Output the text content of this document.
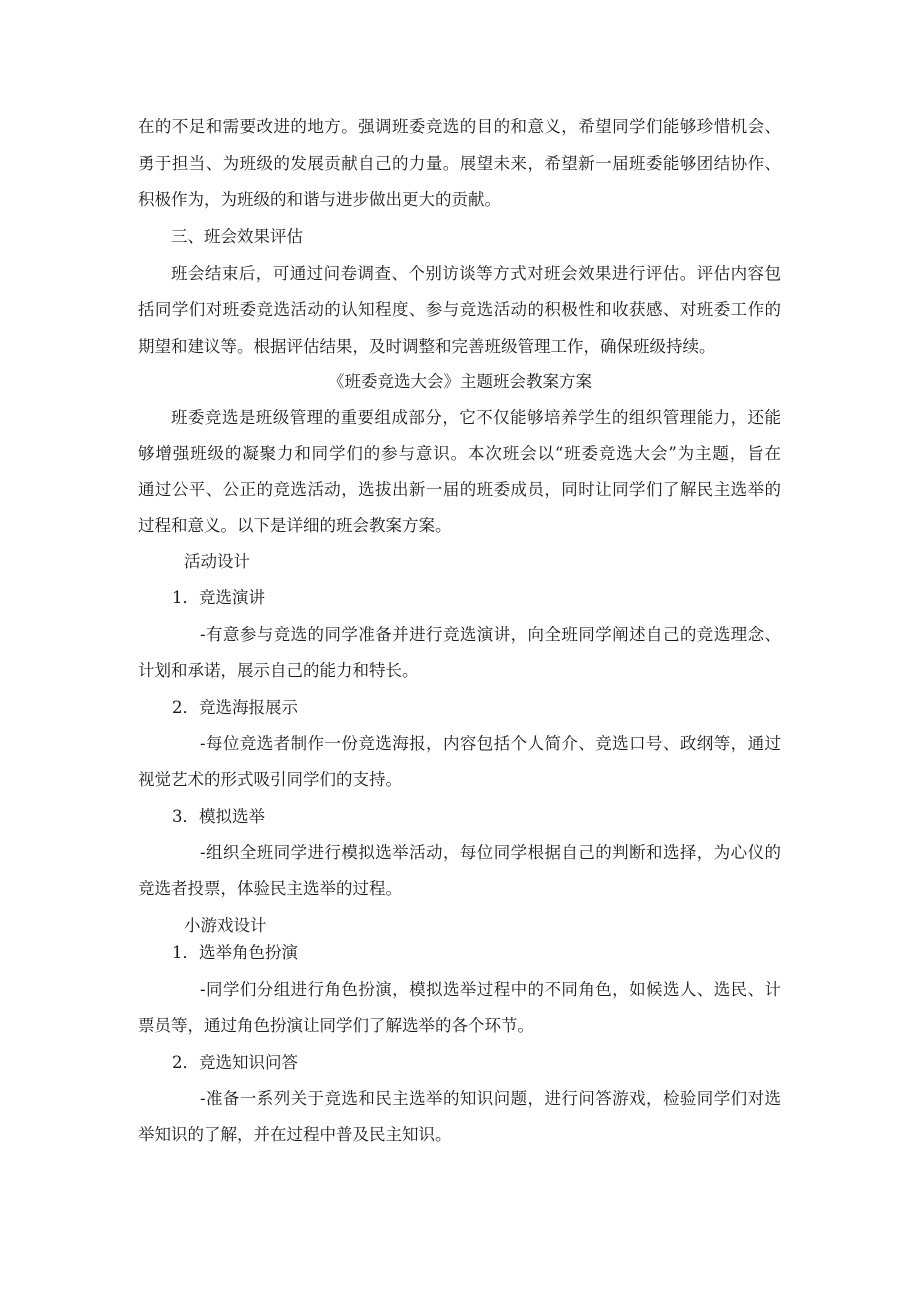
在的不足和需要改进的地方。强调班委竞选的目的和意义，希望同学们能够珍惜机会、
勇于担当、为班级的发展贡献自己的力量。展望未来，希望新一届班委能够团结协作、
积极作为，为班级的和谐与进步做出更大的贡献。
三、班会效果评估
班会结束后，可通过问卷调查、个别访谈等方式对班会效果进行评估。评估内容包
括同学们对班委竞选活动的认知程度、参与竞选活动的积极性和收获感、对班委工作的
期望和建议等。根据评估结果，及时调整和完善班级管理工作，确保班级持续。
《班委竞选大会》主题班会教案方案
班委竞选是班级管理的重要组成部分，它不仅能够培养学生的组织管理能力，还能
够增强班级的凝聚力和同学们的参与意识。本次班会以“班委竞选大会”为主题，旨在
通过公平、公正的竞选活动，选拔出新一届的班委成员，同时让同学们了解民主选举的
过程和意义。以下是详细的班会教案方案。
活动设计
1．竞选演讲
-有意参与竞选的同学准备并进行竞选演讲，向全班同学阐述自己的竞选理念、
计划和承诺，展示自己的能力和特长。
2．竞选海报展示
-每位竞选者制作一份竞选海报，内容包括个人简介、竞选口号、政纲等，通过
视觉艺术的形式吸引同学们的支持。
3．模拟选举
-组织全班同学进行模拟选举活动，每位同学根据自己的判断和选择，为心仪的
竞选者投票，体验民主选举的过程。
小游戏设计
1．选举角色扮演
-同学们分组进行角色扮演，模拟选举过程中的不同角色，如候选人、选民、计
票员等，通过角色扮演让同学们了解选举的各个环节。
2．竞选知识问答
-准备一系列关于竞选和民主选举的知识问题，进行问答游戏，检验同学们对选
举知识的了解，并在过程中普及民主知识。
